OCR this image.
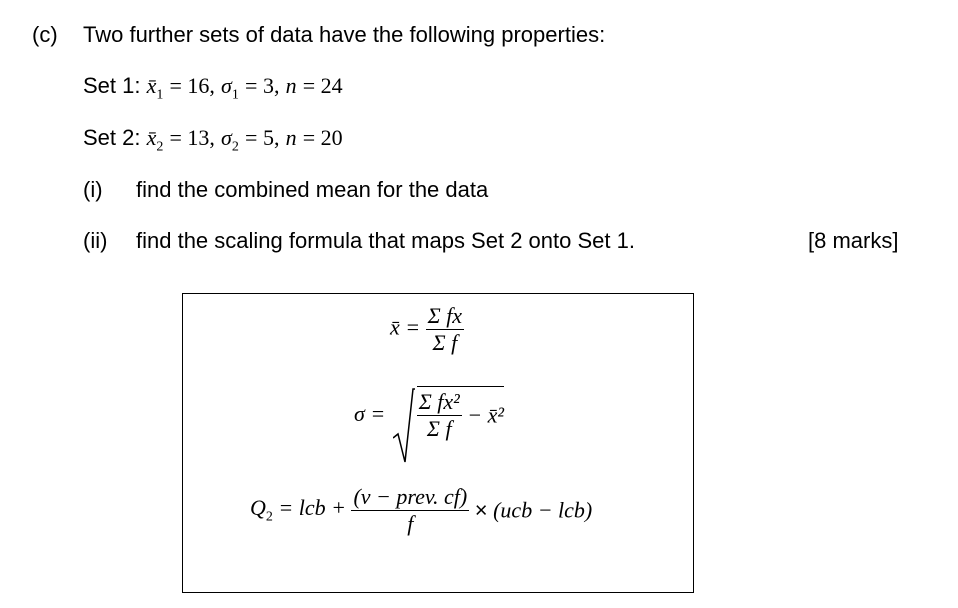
(c) Two further sets of data have the following properties:
Set 1: $x̄_1 = 16$, $\sigma_1 = 3$, n = 24
Set 2: $x̄_2 = 13$, $\sigma_2 = 5$, n = 20
(i) find the combined mean for the data
(ii) find the scaling formula that maps Set 2 onto Set 1.	[8 marks]
x̄ = $\frac{\text{Σ fx}}{\text{Σ f}}$
$\sigma = \frac{\text{Σ fx²}}{\text{Σ f}}$ − x̄²
$Q_2$ = lcb + $\frac{\text{(v − prev. cf)}}{f} \times (ucb - lcb)$
